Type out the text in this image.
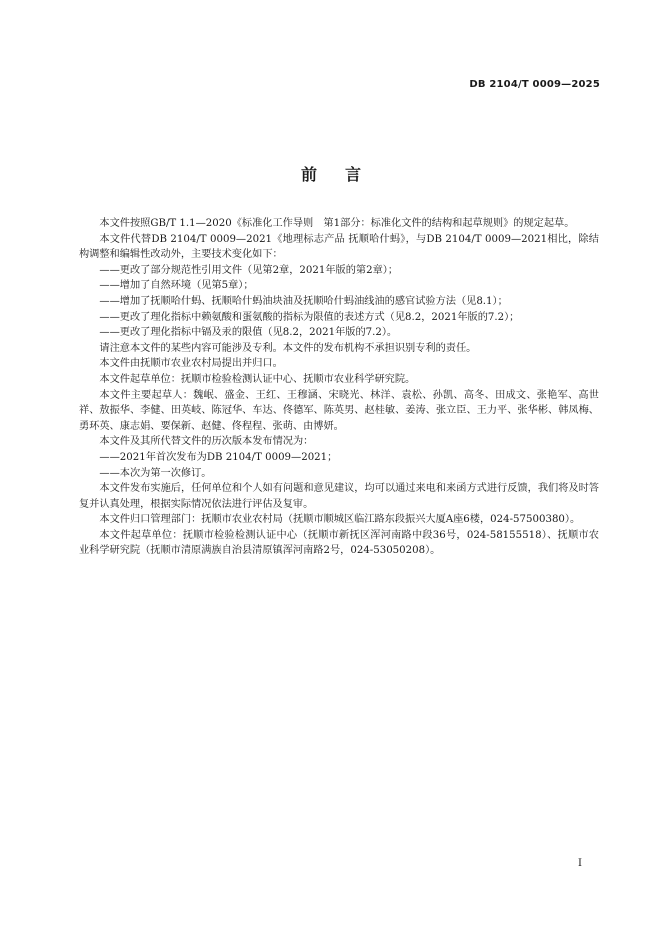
DB 2104/T 0009—2025
前言

本文件按照GB/T 1.1—2020《标准化工作导则　第1部分：标准化文件的结构和起草规则》的规定起草。

本文件代替DB 2104/T 0009—2021《地理标志产品 抚顺哈什蚂》，与DB 2104/T 0009—2021相比，除结构调整和编辑性改动外，主要技术变化如下：

——更改了部分规范性引用文件（见第2章，2021年版的第2章）；

——增加了自然环境（见第5章）；

——增加了抚顺哈什蚂、抚顺哈什蚂油块油及抚顺哈什蚂油线油的感官试验方法（见8.1）；

——更改了理化指标中赖氨酸和蛋氨酸的指标为限值的表述方式（见8.2，2021年版的7.2）；

——更改了理化指标中镉及汞的限值（见8.2，2021年版的7.2）。

请注意本文件的某些内容可能涉及专利。本文件的发布机构不承担识别专利的责任。

本文件由抚顺市农业农村局提出并归口。

本文件起草单位：抚顺市检验检测认证中心、抚顺市农业科学研究院。

本文件主要起草人：魏岷、盛金、王红、王穆涵、宋晓光、林洋、袁松、孙凯、高冬、田成文、张艳军、高世祥、敖振华、李健、田英岐、陈冠华、车达、佟德军、陈英男、赵桂敏、姜涛、张立臣、王力平、张华彬、韩凤梅、勇环英、康志娟、要保新、赵健、佟程程、张萌、由博妍。

本文件及其所代替文件的历次版本发布情况为：

——2021年首次发布为DB 2104/T 0009—2021；

——本次为第一次修订。

本文件发布实施后，任何单位和个人如有问题和意见建议，均可以通过来电和来函方式进行反馈，我们将及时答复并认真处理，根据实际情况依法进行评估及复审。

本文件归口管理部门：抚顺市农业农村局（抚顺市顺城区临江路东段振兴大厦A座6楼，024-57500380）。

本文件起草单位：抚顺市检验检测认证中心（抚顺市新抚区浑河南路中段36号，024-58155518）、抚顺市农业科学研究院（抚顺市清原满族自治县清原镇浑河南路2号，024-53050208）。

I
